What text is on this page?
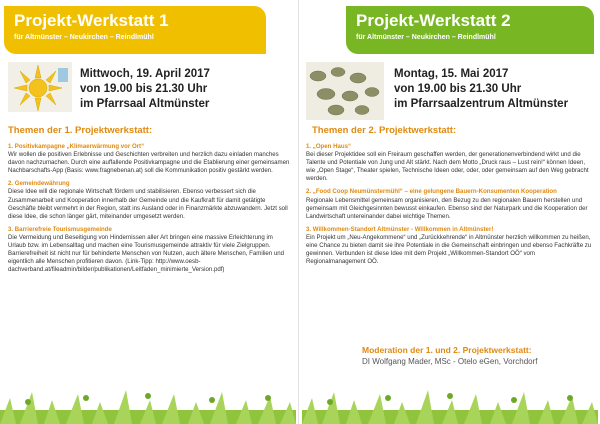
Projekt-Werkstatt 1
für Altmünster – Neukirchen – Reindlmühl
Mittwoch, 19. April 2017
von 19.00 bis 21.30 Uhr
im Pfarrsaal Altmünster
Themen der 1. Projektwerkstatt:
1. Positivkampagne „Klimaerwärmung vor Ort“
Wir wollen die positiven Erlebnisse und Geschichten verbreiten und herzlich dazu einladen manches davon nachzumachen. Durch eine auffallende Positivkampagne und die Etablierung einer gemeinsamen Nachbarschafts-App (Basis: www.fragnebenan.at) soll die Kommunikation positiv gestärkt werden.
2. Gemeindewährung
Diese Idee will die regionale Wirtschaft fördern und stabilisieren. Ebenso verbessert sich die Zusammenarbeit und Kooperation innerhalb der Gemeinde und die Kaufkraft für damit getätigte Geschäfte bleibt vermehrt in der Region, statt ins Ausland oder in Finanzmärkte abzuwandern. Jetzt soll diese Idee, die schon länger gärt, miteinander umgesetzt werden.
3. Barrierefreie Tourismusgemeinde
Die Vermeidung und Beseitigung von Hindernissen aller Art bringen eine massive Erleichterung im Urlaub bzw. im Lebensalltag und machen eine Tourismusgemeinde attraktiv für viele Zielgruppen. Barrierefreiheit ist nicht nur für behinderte Menschen von Nutzen, auch ältere Menschen, Familien und eigentlich alle Menschen profitieren davon. (Link-Tipp: http://www.oesb-dachverband.at/fileadmin/bilder/publikationen/Leitfaden_minimierte_Version.pdf)
Projekt-Werkstatt 2
für Altmünster – Neukirchen – Reindlmühl
Montag, 15. Mai 2017
von 19.00 bis 21.30 Uhr
im Pfarrsaalzentrum Altmünster
Themen der 2. Projektwerkstatt:
1. „Open Haus“
Bei dieser Projektidee soll ein Freiraum geschaffen werden, der generationenverbindend wirkt und die Talente und Potentiale von Jung und Alt stärkt. Nach dem Motto „Druck raus – Lust rein!“ können Ideen, wie „Open Stage“, Theater spielen, Technische Ideen oder, oder, oder gemeinsam auf den Weg gebracht werden.
2. „Food Coop Neumünstermühl“ – eine gelungene Bauern-Konsumenten Kooperation
Regionale Lebensmittel gemeinsam organisieren, den Bezug zu den regionalen Bauern herstellen und gemeinsam mit Gleichgesinnten bewusst einkaufen. Ebenso sind der Naturpark und die Kooperation der Landwirtschaft untereinander dabei wichtige Themen.
3. Willkommen-Standort Altmünster - Willkommen in Altmünster!
Ein Projekt um „Neu-Angekommene“ und „Zurückkehrende“ in Altmünster herzlich willkommen zu heißen, eine Chance zu bieten damit sie ihre Potentiale in die Gemeinschaft einbringen und ebenso Fachkräfte zu gewinnen. Verbunden ist diese Idee mit dem Projekt „Willkommen-Standort OÖ“ vom Regionalmanagement OÖ.
Moderation der 1. und 2. Projektwerkstatt:
DI Wolfgang Mader, MSc - Otelo eGen, Vorchdorf
